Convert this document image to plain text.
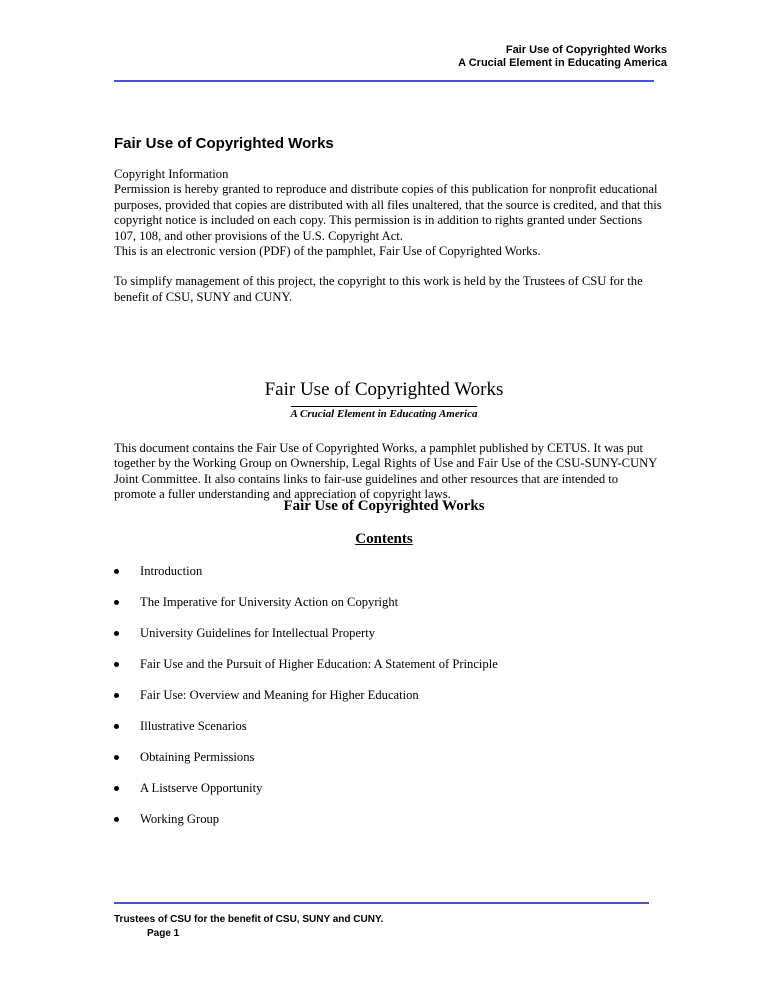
Fair Use of Copyrighted Works
A Crucial Element in Educating America
Fair Use of Copyrighted Works

Copyright Information

Permission is hereby granted to reproduce and distribute copies of this publication for nonprofit educational purposes, provided that copies are distributed with all files unaltered, that the source is credited, and that this copyright notice is included on each copy. This permission is in addition to rights granted under Sections 107, 108, and other provisions of the U.S. Copyright Act.

This is an electronic version (PDF) of the pamphlet, Fair Use of Copyrighted Works.

To simplify management of this project, the copyright to this work is held by the Trustees of CSU for the benefit of CSU, SUNY and CUNY.

Fair Use of Copyrighted Works
A Crucial Element in Educating America

This document contains the Fair Use of Copyrighted Works, a pamphlet published by CETUS. It was put together by the Working Group on Ownership, Legal Rights of Use and Fair Use of the CSU-SUNY-CUNY Joint Committee. It also contains links to fair-use guidelines and other resources that are intended to promote a fuller understanding and appreciation of copyright laws.

Fair Use of Copyrighted Works
Contents
Introduction
The Imperative for University Action on Copyright
University Guidelines for Intellectual Property
Fair Use and the Pursuit of Higher Education: A Statement of Principle
Fair Use: Overview and Meaning for Higher Education
Illustrative Scenarios
Obtaining Permissions
A Listserve Opportunity
Working Group
Trustees of CSU for the benefit of CSU, SUNY and CUNY.
Page 1
